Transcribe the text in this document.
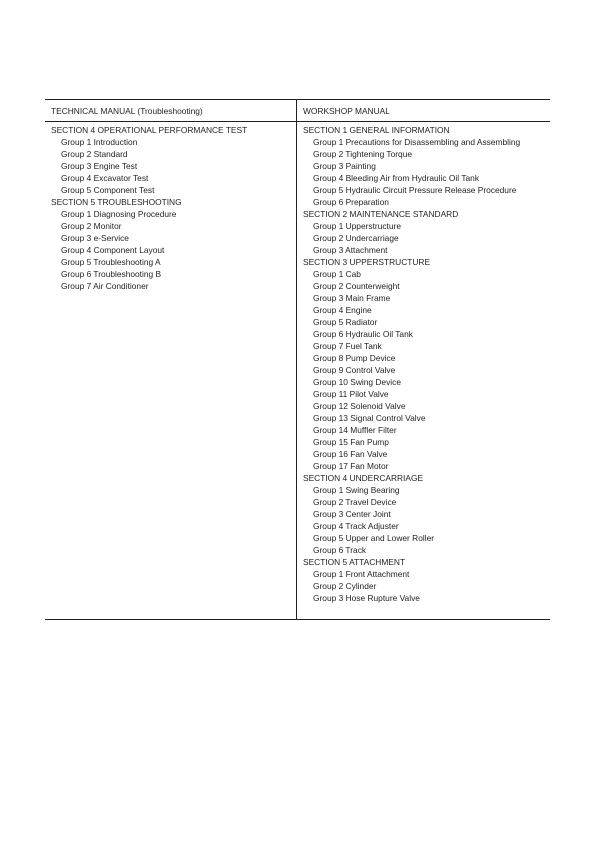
TECHNICAL MANUAL (Troubleshooting)	WORKSHOP MANUAL
SECTION 4 OPERATIONAL PERFORMANCE TEST
Group 1 Introduction
Group 2 Standard
Group 3 Engine Test
Group 4 Excavator Test
Group 5 Component Test
SECTION 5 TROUBLESHOOTING
Group 1 Diagnosing Procedure
Group 2 Monitor
Group 3 e-Service
Group 4 Component Layout
Group 5 Troubleshooting A
Group 6 Troubleshooting B
Group 7 Air Conditioner
SECTION 1 GENERAL INFORMATION
Group 1 Precautions for Disassembling and Assembling
Group 2 Tightening Torque
Group 3 Painting
Group 4 Bleeding Air from Hydraulic Oil Tank
Group 5 Hydraulic Circuit Pressure Release Procedure
Group 6 Preparation
SECTION 2 MAINTENANCE STANDARD
Group 1 Upperstructure
Group 2 Undercarriage
Group 3 Attachment
SECTION 3 UPPERSTRUCTURE
Group 1 Cab
Group 2 Counterweight
Group 3 Main Frame
Group 4 Engine
Group 5 Radiator
Group 6 Hydraulic Oil Tank
Group 7 Fuel Tank
Group 8 Pump Device
Group 9 Control Valve
Group 10 Swing Device
Group 11 Pilot Valve
Group 12 Solenoid Valve
Group 13 Signal Control Valve
Group 14 Muffler Filter
Group 15 Fan Pump
Group 16 Fan Valve
Group 17 Fan Motor
SECTION 4 UNDERCARRIAGE
Group 1 Swing Bearing
Group 2 Travel Device
Group 3 Center Joint
Group 4 Track Adjuster
Group 5 Upper and Lower Roller
Group 6 Track
SECTION 5 ATTACHMENT
Group 1 Front Attachment
Group 2 Cylinder
Group 3 Hose Rupture Valve
